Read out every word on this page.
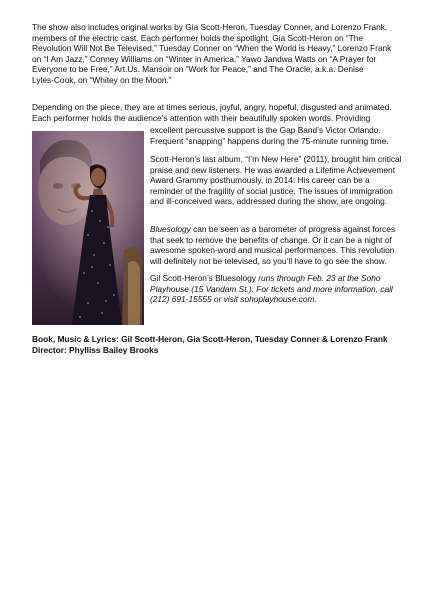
The show also includes original works by Gia Scott-Heron, Tuesday Conner, and Lorenzo Frank,
members of the electric cast. Each performer holds the spotlight. Gia Scott-Heron on “The
Revolution Will Not Be Televised,” Tuesday Conner on “When the World is Heavy,” Lorenzo Frank
on “I Am Jazz,” Conney Williams on “Winter in America,” Yawo Jandwa Watts on “A Prayer for
Everyone to be Free,” Art.Us. Mansoir on “Work for Peace,” and The Oracle, a.k.a. Denise
Lyles-Cook, on “Whitey on the Moon.”

Depending on the piece, they are at times serious, joyful, angry, hopeful, disgusted and animated.
Each performer holds the audience’s attention with their beautifully spoken words. Providing

excellent percussive support is the Gap Band’s Victor Orlando.
Frequent “snapping” happens during the 75-minute running time.

Scott-Heron’s last album, “I’m New Here” (2011), brought him critical
praise and new listeners. He was awarded a Lifetime Achievement
Award Grammy posthumously, in 2014. His career can be a
reminder of the fragility of social justice. The issues of immigration
and ill-conceived wars, addressed during the show, are ongoing.

Bluesology can be seen as a barometer of progress against forces
that seek to remove the benefits of change. Or it can be a night of
awesome spoken-word and musical performances. This revolution
will definitely not be televised, so you’ll have to go see the show.

Gil Scott-Heron’s Bluesology runs through Feb. 23 at the Soho
Playhouse (15 Vandam St.). For tickets and more information, call
(212) 691-15555 or visit sohoplayhouse.com.

Book, Music & Lyrics: Gil Scott-Heron, Gia Scott-Heron, Tuesday Conner & Lorenzo Frank
Director: Phylliss Bailey Brooks
